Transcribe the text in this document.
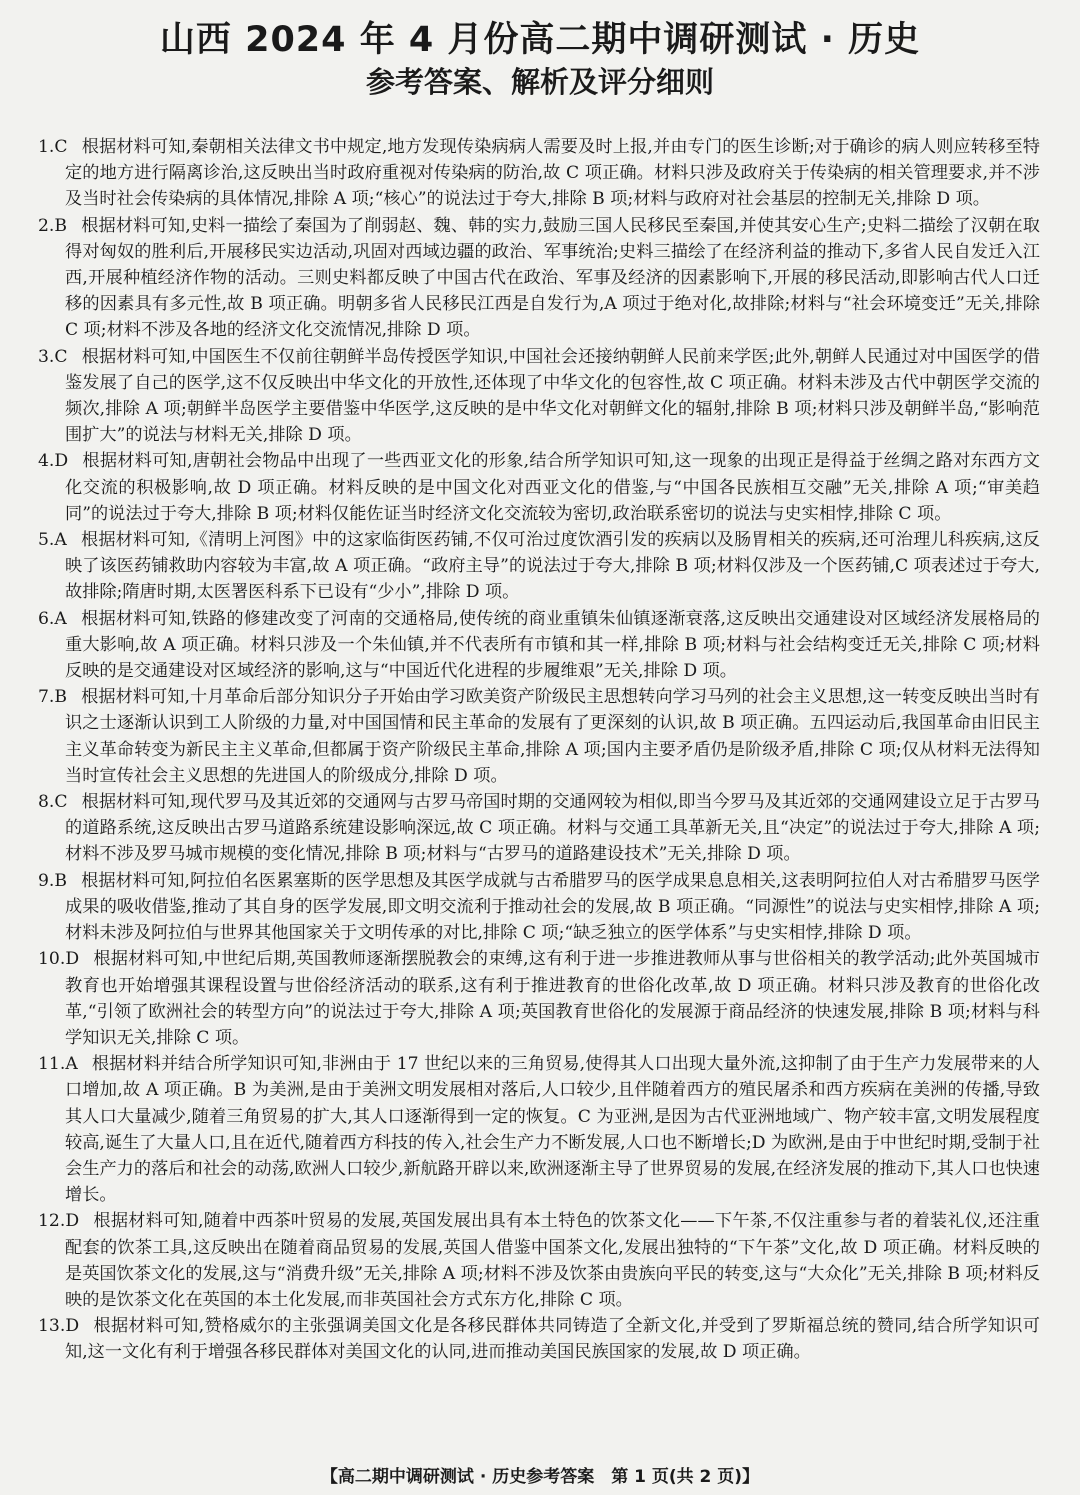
山西 2024 年 4 月份高二期中调研测试 · 历史
参考答案、解析及评分细则

1.C 根据材料可知,秦朝相关法律文书中规定,地方发现传染病病人需要及时上报,并由专门的医生诊断;对于确诊的病人则应转移至特定的地方进行隔离诊治,这反映出当时政府重视对传染病的防治,故 C 项正确。材料只涉及政府关于传染病的相关管理要求,并不涉及当时社会传染病的具体情况,排除 A 项;“核心”的说法过于夸大,排除 B 项;材料与政府对社会基层的控制无关,排除 D 项。

2.B 根据材料可知,史料一描绘了秦国为了削弱赵、魏、韩的实力,鼓励三国人民移民至秦国,并使其安心生产;史料二描绘了汉朝在取得对匈奴的胜利后,开展移民实边活动,巩固对西域边疆的政治、军事统治;史料三描绘了在经济利益的推动下,多省人民自发迁入江西,开展种植经济作物的活动。三则史料都反映了中国古代在政治、军事及经济的因素影响下,开展的移民活动,即影响古代人口迁移的因素具有多元性,故 B 项正确。明朝多省人民移民江西是自发行为,A 项过于绝对化,故排除;材料与“社会环境变迁”无关,排除 C 项;材料不涉及各地的经济文化交流情况,排除 D 项。

3.C 根据材料可知,中国医生不仅前往朝鲜半岛传授医学知识,中国社会还接纳朝鲜人民前来学医;此外,朝鲜人民通过对中国医学的借鉴发展了自己的医学,这不仅反映出中华文化的开放性,还体现了中华文化的包容性,故 C 项正确。材料未涉及古代中朝医学交流的频次,排除 A 项;朝鲜半岛医学主要借鉴中华医学,这反映的是中华文化对朝鲜文化的辐射,排除 B 项;材料只涉及朝鲜半岛,“影响范围扩大”的说法与材料无关,排除 D 项。

4.D 根据材料可知,唐朝社会物品中出现了一些西亚文化的形象,结合所学知识可知,这一现象的出现正是得益于丝绸之路对东西方文化交流的积极影响,故 D 项正确。材料反映的是中国文化对西亚文化的借鉴,与“中国各民族相互交融”无关,排除 A 项;“审美趋同”的说法过于夸大,排除 B 项;材料仅能佐证当时经济文化交流较为密切,政治联系密切的说法与史实相悖,排除 C 项。

5.A 根据材料可知,《清明上河图》中的这家临街医药铺,不仅可治过度饮酒引发的疾病以及肠胃相关的疾病,还可治理儿科疾病,这反映了该医药铺救助内容较为丰富,故 A 项正确。“政府主导”的说法过于夸大,排除 B 项;材料仅涉及一个医药铺,C 项表述过于夸大,故排除;隋唐时期,太医署医科系下已设有“少小”,排除 D 项。

6.A 根据材料可知,铁路的修建改变了河南的交通格局,使传统的商业重镇朱仙镇逐渐衰落,这反映出交通建设对区域经济发展格局的重大影响,故 A 项正确。材料只涉及一个朱仙镇,并不代表所有市镇和其一样,排除 B 项;材料与社会结构变迁无关,排除 C 项;材料反映的是交通建设对区域经济的影响,这与“中国近代化进程的步履维艰”无关,排除 D 项。

7.B 根据材料可知,十月革命后部分知识分子开始由学习欧美资产阶级民主思想转向学习马列的社会主义思想,这一转变反映出当时有识之士逐渐认识到工人阶级的力量,对中国国情和民主革命的发展有了更深刻的认识,故 B 项正确。五四运动后,我国革命由旧民主主义革命转变为新民主主义革命,但都属于资产阶级民主革命,排除 A 项;国内主要矛盾仍是阶级矛盾,排除 C 项;仅从材料无法得知当时宣传社会主义思想的先进国人的阶级成分,排除 D 项。

8.C 根据材料可知,现代罗马及其近郊的交通网与古罗马帝国时期的交通网较为相似,即当今罗马及其近郊的交通网建设立足于古罗马的道路系统,这反映出古罗马道路系统建设影响深远,故 C 项正确。材料与交通工具革新无关,且“决定”的说法过于夸大,排除 A 项;材料不涉及罗马城市规模的变化情况,排除 B 项;材料与“古罗马的道路建设技术”无关,排除 D 项。

9.B 根据材料可知,阿拉伯名医累塞斯的医学思想及其医学成就与古希腊罗马的医学成果息息相关,这表明阿拉伯人对古希腊罗马医学成果的吸收借鉴,推动了其自身的医学发展,即文明交流利于推动社会的发展,故 B 项正确。“同源性”的说法与史实相悖,排除 A 项;材料未涉及阿拉伯与世界其他国家关于文明传承的对比,排除 C 项;“缺乏独立的医学体系”与史实相悖,排除 D 项。

10.D 根据材料可知,中世纪后期,英国教师逐渐摆脱教会的束缚,这有利于进一步推进教师从事与世俗相关的教学活动;此外英国城市教育也开始增强其课程设置与世俗经济活动的联系,这有利于推进教育的世俗化改革,故 D 项正确。材料只涉及教育的世俗化改革,“引领了欧洲社会的转型方向”的说法过于夸大,排除 A 项;英国教育世俗化的发展源于商品经济的快速发展,排除 B 项;材料与科学知识无关,排除 C 项。

11.A 根据材料并结合所学知识可知,非洲由于 17 世纪以来的三角贸易,使得其人口出现大量外流,这抑制了由于生产力发展带来的人口增加,故 A 项正确。B 为美洲,是由于美洲文明发展相对落后,人口较少,且伴随着西方的殖民屠杀和西方疾病在美洲的传播,导致其人口大量减少,随着三角贸易的扩大,其人口逐渐得到一定的恢复。C 为亚洲,是因为古代亚洲地域广、物产较丰富,文明发展程度较高,诞生了大量人口,且在近代,随着西方科技的传入,社会生产力不断发展,人口也不断增长;D 为欧洲,是由于中世纪时期,受制于社会生产力的落后和社会的动荡,欧洲人口较少,新航路开辟以来,欧洲逐渐主导了世界贸易的发展,在经济发展的推动下,其人口也快速增长。

12.D 根据材料可知,随着中西茶叶贸易的发展,英国发展出具有本土特色的饮茶文化——下午茶,不仅注重参与者的着装礼仪,还注重配套的饮茶工具,这反映出在随着商品贸易的发展,英国人借鉴中国茶文化,发展出独特的“下午茶”文化,故 D 项正确。材料反映的是英国饮茶文化的发展,这与“消费升级”无关,排除 A 项;材料不涉及饮茶由贵族向平民的转变,这与“大众化”无关,排除 B 项;材料反映的是饮茶文化在英国的本土化发展,而非英国社会方式东方化,排除 C 项。

13.D 根据材料可知,赞格威尔的主张强调美国文化是各移民群体共同铸造了全新文化,并受到了罗斯福总统的赞同,结合所学知识可知,这一文化有利于增强各移民群体对美国文化的认同,进而推动美国民族国家的发展,故 D 项正确。

【高二期中调研测试 · 历史参考答案　第 1 页(共 2 页)】
